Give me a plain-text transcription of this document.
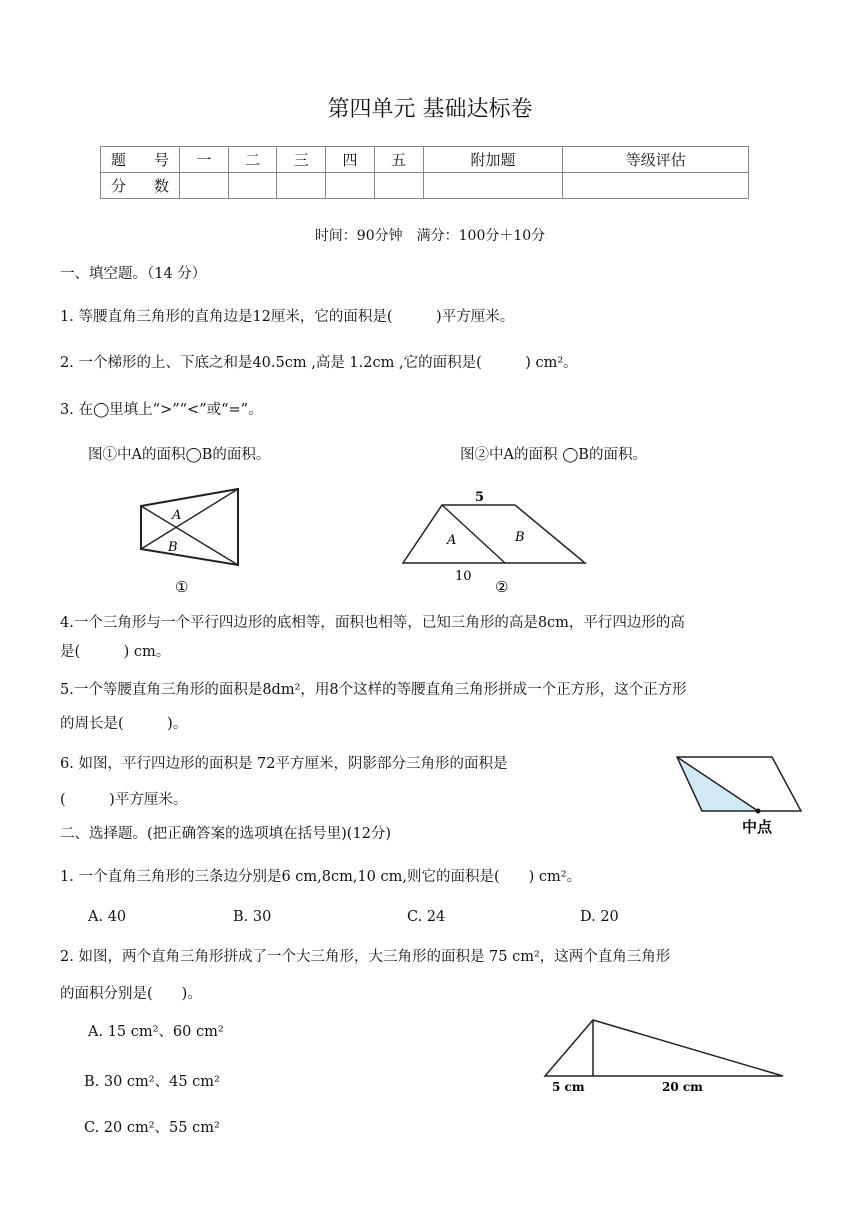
第四单元 基础达标卷
题 号	一	二	三	四	五	附加题	等级评估

分 数							

时间：90分钟　满分：100分＋10分
一、填空题。（14 分）
1. 等腰直角三角形的直角边是12厘米，它的面积是(　　　)平方厘米。
2. 一个梯形的上、下底之和是40.5cm ,高是 1.2cm ,它的面积是(　　　) cm²。
3. 在◯里填上“>”“<”或“=”。
图①中A的面积◯B的面积。	图②中A的面积 ◯B的面积。
A
B
①
5
A	B
10
②
4.一个三角形与一个平行四边形的底相等，面积也相等，已知三角形的高是8cm，平行四边形的高
是(　　　) cm。
5.一个等腰直角三角形的面积是8dm²，用8个这样的等腰直角三角形拼成一个正方形，这个正方形
的周长是(　　　)。
6. 如图，平行四边形的面积是 72平方厘米，阴影部分三角形的面积是
(　　　)平方厘米。
中点
二、选择题。(把正确答案的选项填在括号里)(12分)
1. 一个直角三角形的三条边分别是6 cm,8cm,10 cm,则它的面积是(　　) cm²。
A. 40	B. 30	C. 24	D. 20
2. 如图，两个直角三角形拼成了一个大三角形，大三角形的面积是 75 cm²，这两个直角三角形
的面积分别是(　　)。
A. 15 cm²、60 cm²
B. 30 cm²、45 cm²
C. 20 cm²、55 cm²
5 cm	20 cm
